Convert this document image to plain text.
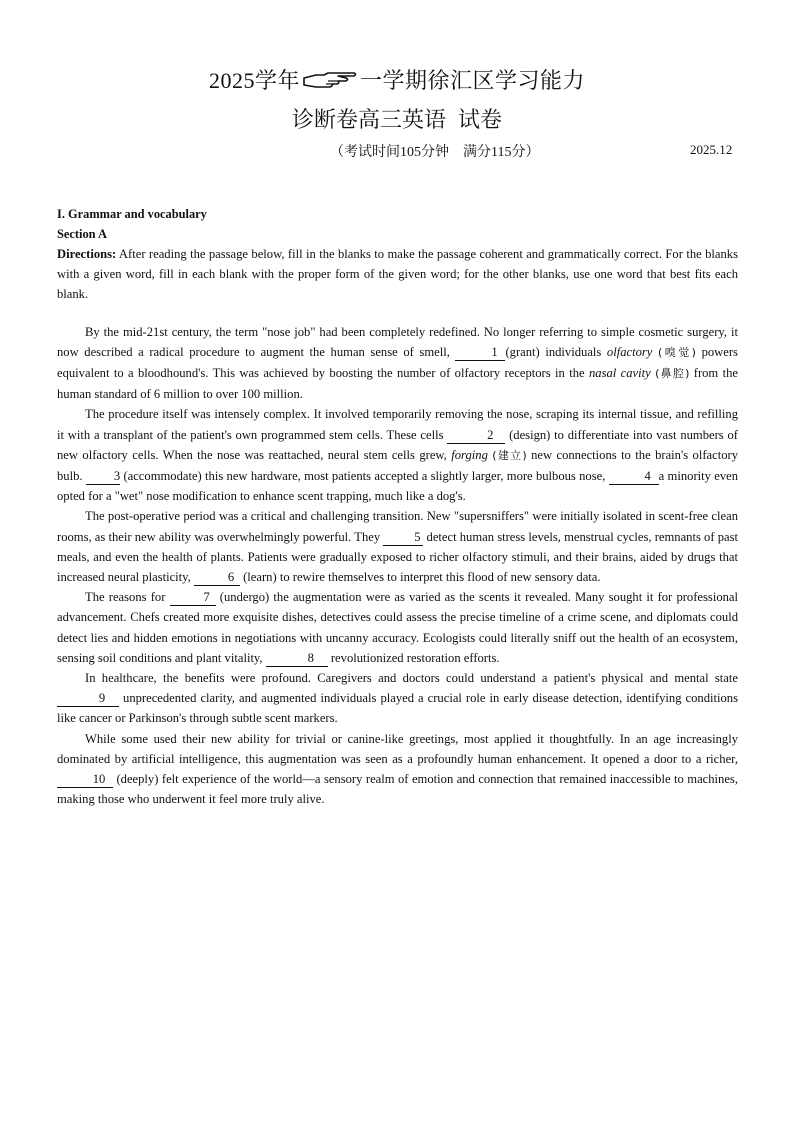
2025学年	一学期徐汇区学习能力
诊断卷高三英语 试卷
（考试时间105分钟　满分115分）	2025.12
I. Grammar and vocabulary
Section A
Directions: After reading the passage below, fill in the blanks to make the passage coherent and grammatically correct. For the blanks with a given word, fill in each blank with the proper form of the given word; for the other blanks, use one word that best fits each blank.

By the mid-21st century, the term "nose job" had been completely redefined. No longer referring to simple cosmetic surgery, it now described a radical procedure to augment the human sense of smell,	1 (grant) individuals olfactory (嗅觉) powers equivalent to a bloodhound's. This was achieved by boosting the number of olfactory receptors in the nasal cavity (鼻腔) from the human standard of 6 million to over 100 million.

The procedure itself was intensely complex. It involved temporarily removing the nose, scraping its internal tissue, and refilling it with a transplant of the patient's own programmed stem cells. These cells	2 (design) to differentiate into vast numbers of new olfactory cells. When the nose was reattached, neural stem cells grew, forging (建立) new connections to the brain's olfactory bulb. 3 (accommodate) this new hardware, most patients accepted a slightly larger, more bulbous nose,	4 a minority even opted for a "wet" nose modification to enhance scent trapping, much like a dog's.

The post-operative period was a critical and challenging transition. New "supersniffers" were initially isolated in scent-free clean rooms, as their new ability was overwhelmingly powerful. They 5 detect human stress levels, menstrual cycles, remnants of past meals, and even the health of plants. Patients were gradually exposed to richer olfactory stimuli, and their brains, aided by drugs that increased neural plasticity,	6 (learn) to rewire themselves to interpret this flood of new sensory data.

The reasons for	7 (undergo) the augmentation were as varied as the scents it revealed. Many sought it for professional advancement. Chefs created more exquisite dishes, detectives could assess the precise timeline of a crime scene, and diplomats could detect lies and hidden emotions in negotiations with uncanny accuracy. Ecologists could literally sniff out the health of an ecosystem, sensing soil conditions and plant vitality,	8 revolutionized restoration efforts.

In healthcare, the benefits were profound. Caregivers and doctors could understand a patient's physical and mental state 9 unprecedented clarity, and augmented individuals played a crucial role in early disease detection, identifying conditions like cancer or Parkinson's through subtle scent markers.

While some used their new ability for trivial or canine-like greetings, most applied it thoughtfully. In an age increasingly dominated by artificial intelligence, this augmentation was seen as a profoundly human enhancement. It opened a door to a richer, 10 (deeply) felt experience of the world—a sensory realm of emotion and connection that remained inaccessible to machines, making those who underwent it feel more truly alive.
